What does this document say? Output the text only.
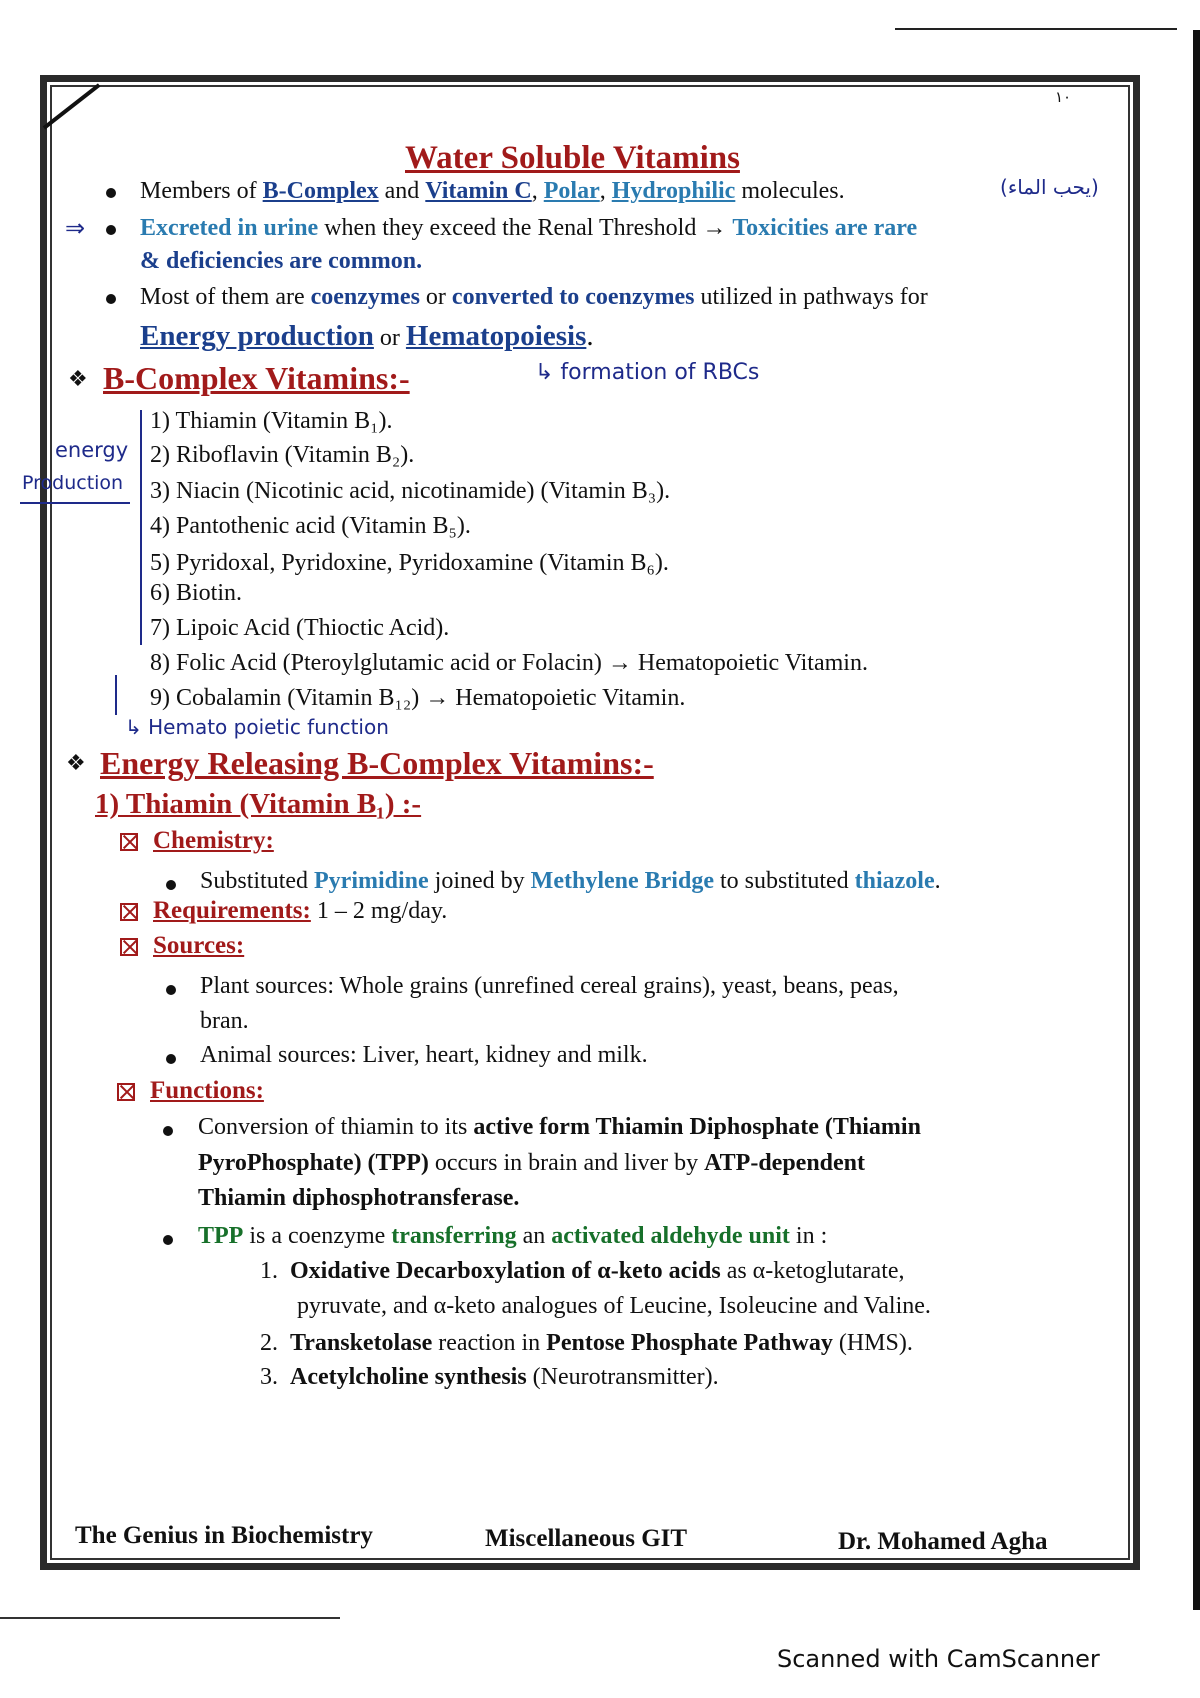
١٠
Water Soluble Vitamins
Members of B-Complex and Vitamin C, Polar, Hydrophilic molecules.	(يحب الماء)
⇒ Excreted in urine when they exceed the Renal Threshold → Toxicities are rare
& deficiencies are common.
Most of them are coenzymes or converted to coenzymes utilized in pathways for
Energy production or Hematopoiesis.
❖ B-Complex Vitamins:-	↳ formation of RBCs
energy
Production
↳ Hemato poietic function
1) Thiamin (Vitamin B₁).
2) Riboflavin (Vitamin B₂).
3) Niacin (Nicotinic acid, nicotinamide) (Vitamin B₃).
4) Pantothenic acid (Vitamin B₅).
5) Pyridoxal, Pyridoxine, Pyridoxamine (Vitamin B₆).
6) Biotin.
7) Lipoic Acid (Thioctic Acid).
8) Folic Acid (Pteroylglutamic acid or Folacin) → Hematopoietic Vitamin.
9) Cobalamin (Vitamin B₁₂) → Hematopoietic Vitamin.
❖ Energy Releasing B-Complex Vitamins:-
1) Thiamin (Vitamin B₁) :-
Chemistry:
Substituted Pyrimidine joined by Methylene Bridge to substituted thiazole.
Requirements: 1 – 2 mg/day.
Sources:
Plant sources: Whole grains (unrefined cereal grains), yeast, beans, peas,
bran.
Animal sources: Liver, heart, kidney and milk.
Functions:
Conversion of thiamin to its active form Thiamin Diphosphate (Thiamin
PyroPhosphate) (TPP) occurs in brain and liver by ATP-dependent
Thiamin diphosphotransferase.
TPP is a coenzyme transferring an activated aldehyde unit in :
1. Oxidative Decarboxylation of α-keto acids as α-ketoglutarate,
pyruvate, and α-keto analogues of Leucine, Isoleucine and Valine.
2. Transketolase reaction in Pentose Phosphate Pathway (HMS).
3. Acetylcholine synthesis (Neurotransmitter).
The Genius in Biochemistry	Miscellaneous GIT	Dr. Mohamed Agha
Scanned with CamScanner
